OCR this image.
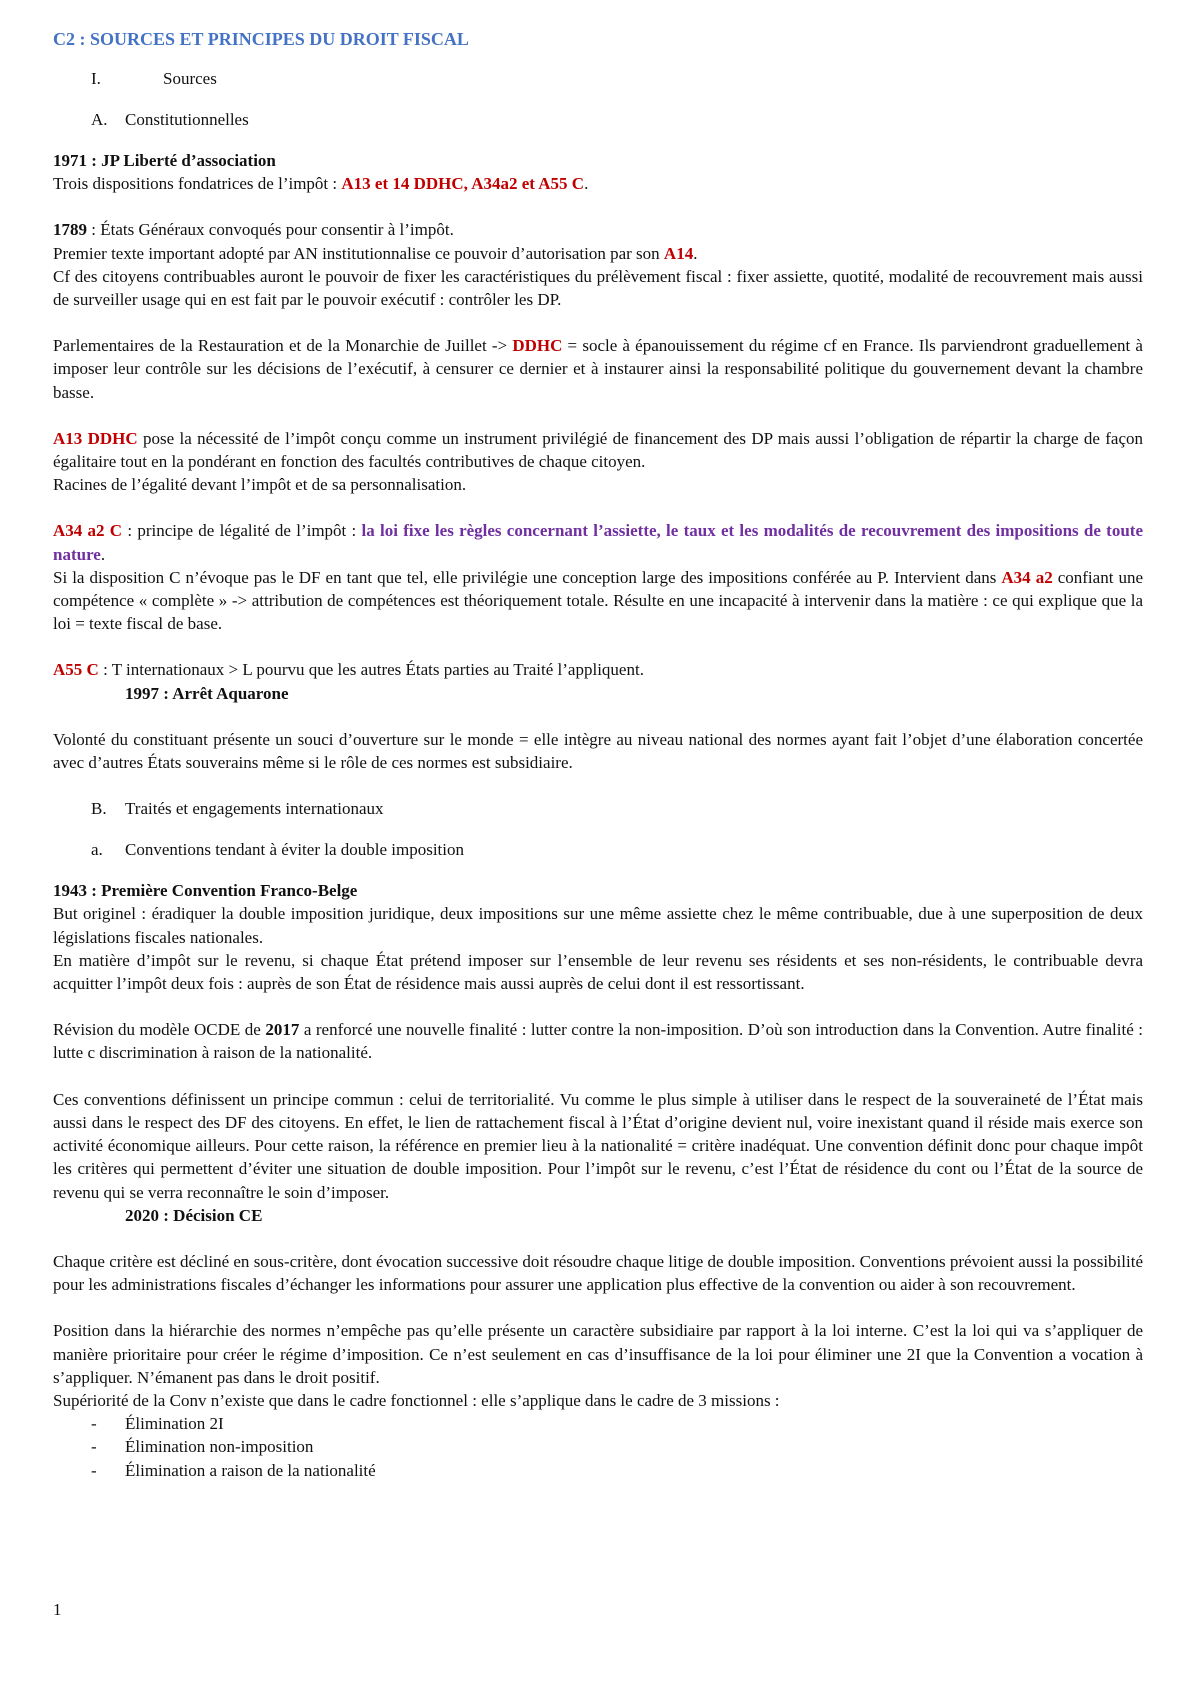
C2 : SOURCES ET PRINCIPES DU DROIT FISCAL
I.	Sources
A. Constitutionnelles

1971 : JP Liberté d’association

Trois dispositions fondatrices de l’impôt : A13 et 14 DDHC, A34a2 et A55 C.

1789 : États Généraux convoqués pour consentir à l’impôt.

Premier texte important adopté par AN institutionnalise ce pouvoir d’autorisation par son A14.

Cf des citoyens contribuables auront le pouvoir de fixer les caractéristiques du prélèvement fiscal : fixer assiette, quotité, modalité de recouvrement mais aussi de surveiller usage qui en est fait par le pouvoir exécutif : contrôler les DP.

Parlementaires de la Restauration et de la Monarchie de Juillet -> DDHC = socle à épanouissement du régime cf en France. Ils parviendront graduellement à imposer leur contrôle sur les décisions de l’exécutif, à censurer ce dernier et à instaurer ainsi la responsabilité politique du gouvernement devant la chambre basse.

A13 DDHC pose la nécessité de l’impôt conçu comme un instrument privilégié de financement des DP mais aussi l’obligation de répartir la charge de façon égalitaire tout en la pondérant en fonction des facultés contributives de chaque citoyen.

Racines de l’égalité devant l’impôt et de sa personnalisation.

A34 a2 C : principe de légalité de l’impôt : la loi fixe les règles concernant l’assiette, le taux et les modalités de recouvrement des impositions de toute nature.

Si la disposition C n’évoque pas le DF en tant que tel, elle privilégie une conception large des impositions conférée au P. Intervient dans A34 a2 confiant une compétence « complète » -> attribution de compétences est théoriquement totale. Résulte en une incapacité à intervenir dans la matière : ce qui explique que la loi = texte fiscal de base.

A55 C : T internationaux > L pourvu que les autres États parties au Traité l’appliquent.

1997 : Arrêt Aquarone

Volonté du constituant présente un souci d’ouverture sur le monde = elle intègre au niveau national des normes ayant fait l’objet d’une élaboration concertée avec d’autres États souverains même si le rôle de ces normes est subsidiaire.

B. Traités et engagements internationaux
a. Conventions tendant à éviter la double imposition

1943 : Première Convention Franco-Belge

But originel : éradiquer la double imposition juridique, deux impositions sur une même assiette chez le même contribuable, due à une superposition de deux législations fiscales nationales.

En matière d’impôt sur le revenu, si chaque État prétend imposer sur l’ensemble de leur revenu ses résidents et ses non-résidents, le contribuable devra acquitter l’impôt deux fois : auprès de son État de résidence mais aussi auprès de celui dont il est ressortissant.

Révision du modèle OCDE de 2017 a renforcé une nouvelle finalité : lutter contre la non-imposition. D’où son introduction dans la Convention. Autre finalité : lutte c discrimination à raison de la nationalité.

Ces conventions définissent un principe commun : celui de territorialité. Vu comme le plus simple à utiliser dans le respect de la souveraineté de l’État mais aussi dans le respect des DF des citoyens. En effet, le lien de rattachement fiscal à l’État d’origine devient nul, voire inexistant quand il réside mais exerce son activité économique ailleurs. Pour cette raison, la référence en premier lieu à la nationalité = critère inadéquat. Une convention définit donc pour chaque impôt les critères qui permettent d’éviter une situation de double imposition. Pour l’impôt sur le revenu, c’est l’État de résidence du cont ou l’État de la source de revenu qui se verra reconnaître le soin d’imposer.

2020 : Décision CE

Chaque critère est décliné en sous-critère, dont évocation successive doit résoudre chaque litige de double imposition. Conventions prévoient aussi la possibilité pour les administrations fiscales d’échanger les informations pour assurer une application plus effective de la convention ou aider à son recouvrement.

Position dans la hiérarchie des normes n’empêche pas qu’elle présente un caractère subsidiaire par rapport à la loi interne. C’est la loi qui va s’appliquer de manière prioritaire pour créer le régime d’imposition. Ce n’est seulement en cas d’insuffisance de la loi pour éliminer une 2I que la Convention a vocation à s’appliquer. N’émanent pas dans le droit positif.

Supériorité de la Conv n’existe que dans le cadre fonctionnel : elle s’applique dans le cadre de 3 missions :

- Élimination 2I
- Élimination non-imposition
- Élimination a raison de la nationalité
1
